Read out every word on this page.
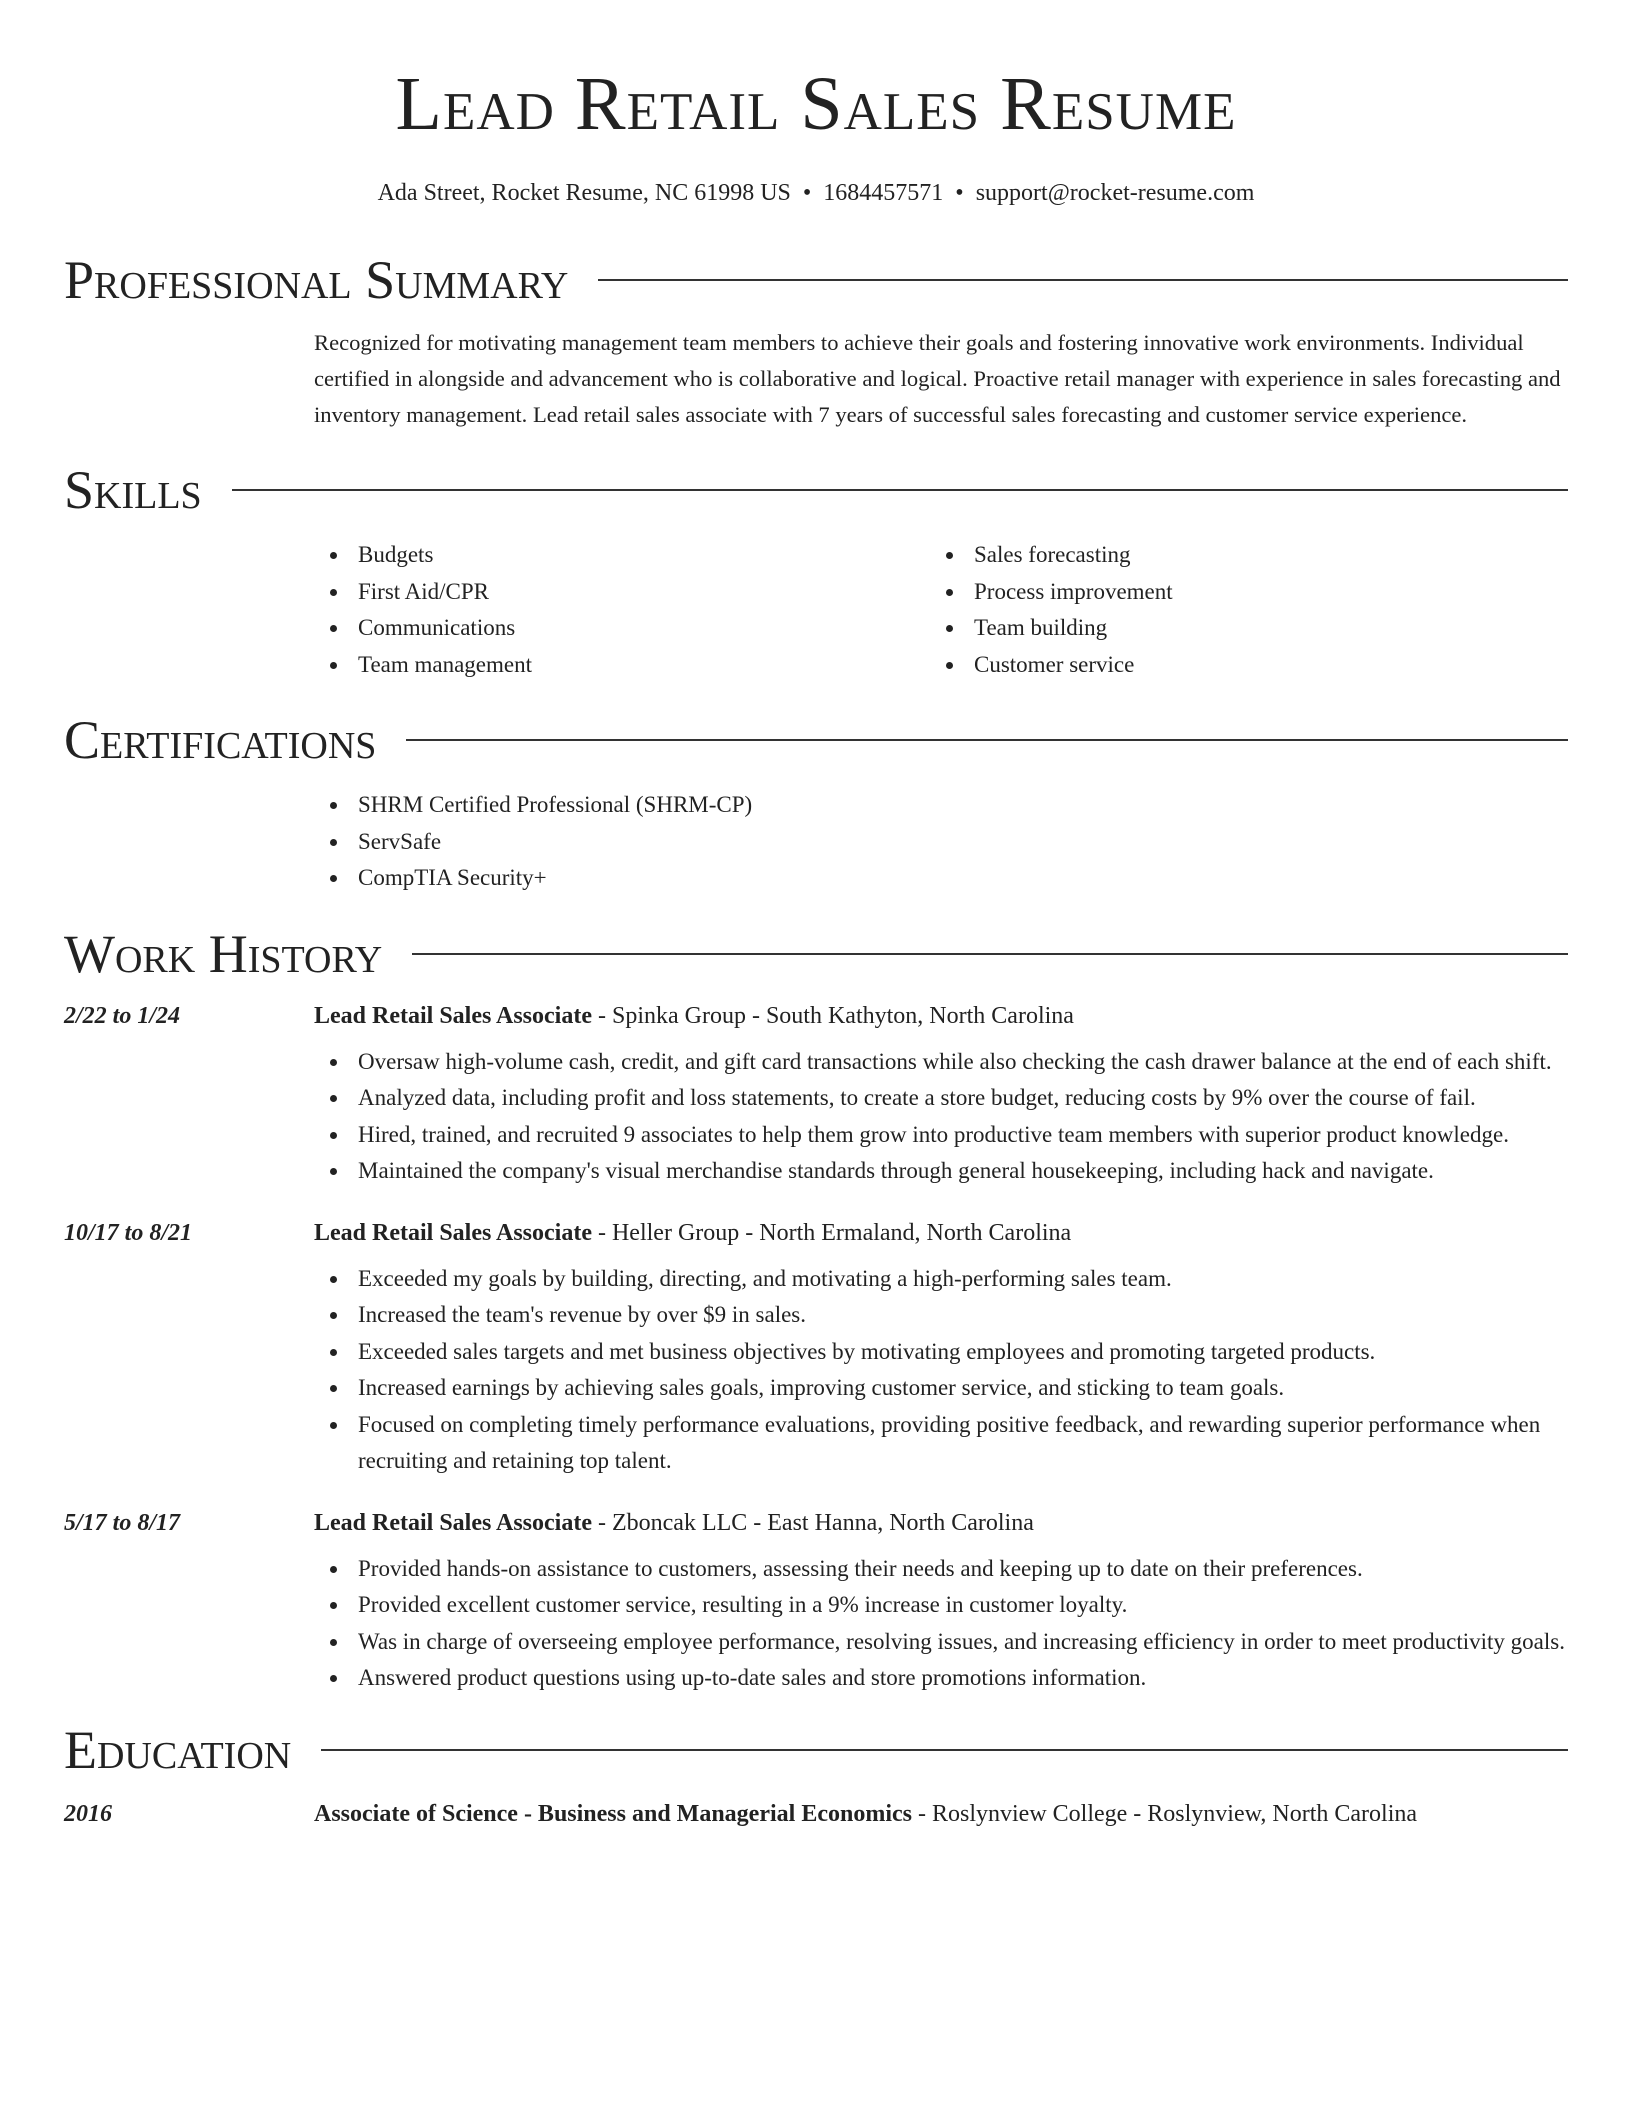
Lead Retail Sales Resume
Ada Street, Rocket Resume, NC 61998 US • 1684457571 • support@rocket-resume.com
Professional Summary

Recognized for motivating management team members to achieve their goals and fostering innovative work environments. Individual certified in alongside and advancement who is collaborative and logical. Proactive retail manager with experience in sales forecasting and inventory management. Lead retail sales associate with 7 years of successful sales forecasting and customer service experience.

Skills
Budgets
First Aid/CPR
Communications
Team management
Sales forecasting
Process improvement
Team building
Customer service
Certifications
SHRM Certified Professional (SHRM-CP)
ServSafe
CompTIA Security+
Work History
2/22 to 1/24	Lead Retail Sales Associate - Spinka Group - South Kathyton, North Carolina
Oversaw high-volume cash, credit, and gift card transactions while also checking the cash drawer balance at the end of each shift.
Analyzed data, including profit and loss statements, to create a store budget, reducing costs by 9% over the course of fail.
Hired, trained, and recruited 9 associates to help them grow into productive team members with superior product knowledge.
Maintained the company's visual merchandise standards through general housekeeping, including hack and navigate.
10/17 to 8/21	Lead Retail Sales Associate - Heller Group - North Ermaland, North Carolina
Exceeded my goals by building, directing, and motivating a high-performing sales team.
Increased the team's revenue by over $9 in sales.
Exceeded sales targets and met business objectives by motivating employees and promoting targeted products.
Increased earnings by achieving sales goals, improving customer service, and sticking to team goals.
Focused on completing timely performance evaluations, providing positive feedback, and rewarding superior performance when recruiting and retaining top talent.
5/17 to 8/17	Lead Retail Sales Associate - Zboncak LLC - East Hanna, North Carolina
Provided hands-on assistance to customers, assessing their needs and keeping up to date on their preferences.
Provided excellent customer service, resulting in a 9% increase in customer loyalty.
Was in charge of overseeing employee performance, resolving issues, and increasing efficiency in order to meet productivity goals.
Answered product questions using up-to-date sales and store promotions information.
Education
2016	Associate of Science - Business and Managerial Economics - Roslynview College - Roslynview, North Carolina
